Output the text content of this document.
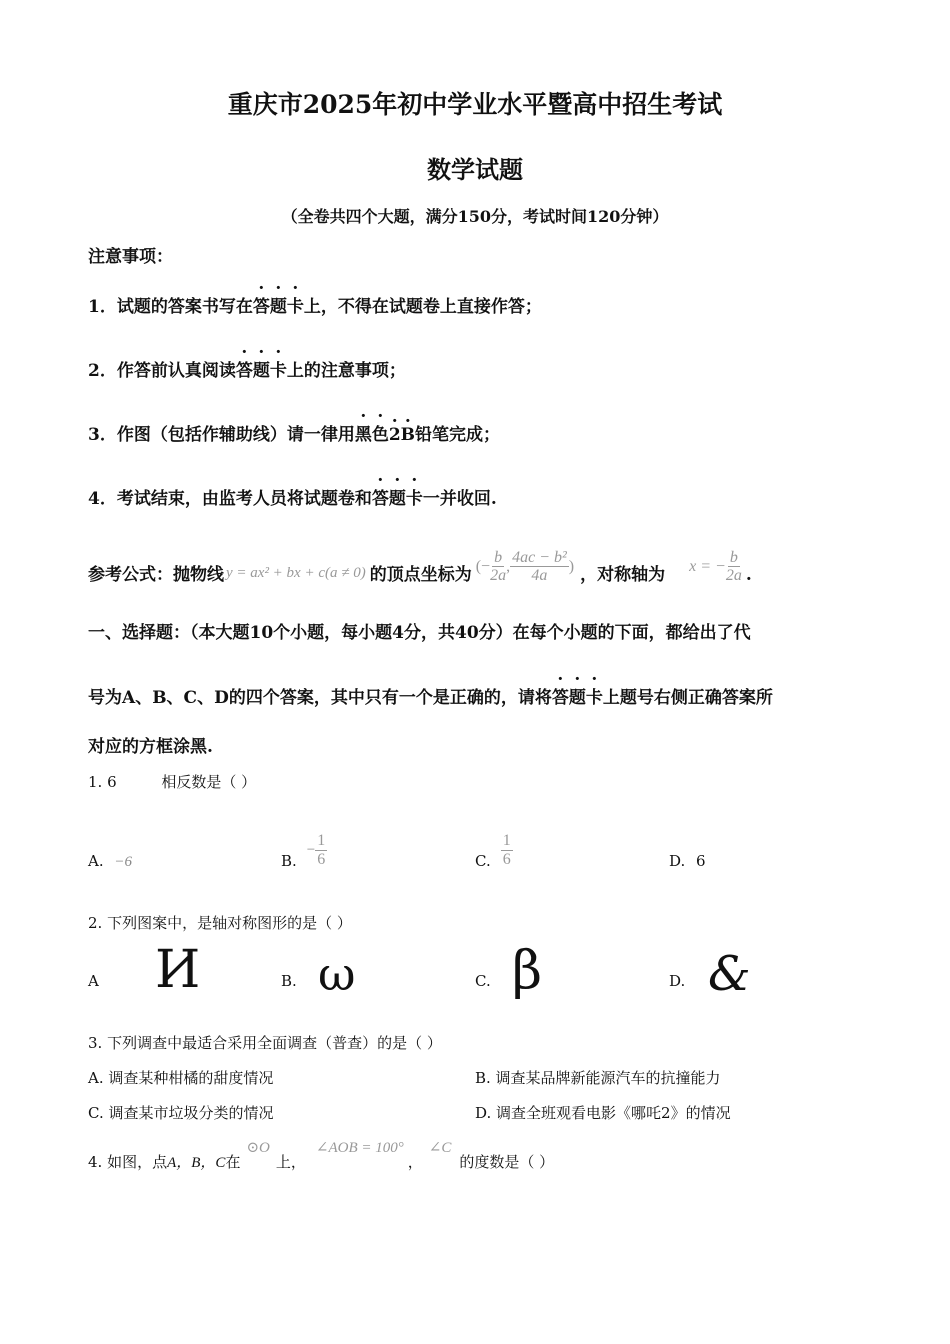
重庆市2025年初中学业水平暨高中招生考试
数学试题
（全卷共四个大题，满分150分，考试时间120分钟）
注意事项：
1．试题的答案书写在答题卡上，不得在试题卷上直接作答；
2．作答前认真阅读答题卡上的注意事项；
3．作图（包括作辅助线）请一律用黑色. 2. B铅笔完成；
4．考试结束，由监考人员将试题卷和答题卡一并收回.
参考公式：抛物线 y = ax² + bx + c(a ≠ 0) 的顶点坐标为 (− $\frac{b}{2a}$ , $\frac{\text{4ac − b²}}{4a}$ ) ，对称轴为 x = − $\frac{b}{2a}$ .
一、选择题：（本大题10个小题，每小题4分，共40分）在每个小题的下面，都给出了代
号为A、B、C、D的四个答案，其中只有一个是正确的，请将答题卡上题号右侧正确答案所
对应的方框涂黑.
1. 6	相反数是（ ）
A. −6	B.
− $\frac{1}{6}$	C. $\frac{1}{6}$	D. 6
2. 下列图案中，是轴对称图形的是（ ）
A И	B. ω	C. β	D. &
3. 下列调查中最适合采用全面调查（普查）的是（ ）
A. 调查某种柑橘的甜度情况	B. 调查某品牌新能源汽车的抗撞能力
C. 调查某市垃圾分类的情况	D. 调查全班观看电影《哪吒2》的情况
4. 如图，点 A，B，C 在
⊙O
上，
∠AOB = 100°
，
∠C
的度数是（ ）
